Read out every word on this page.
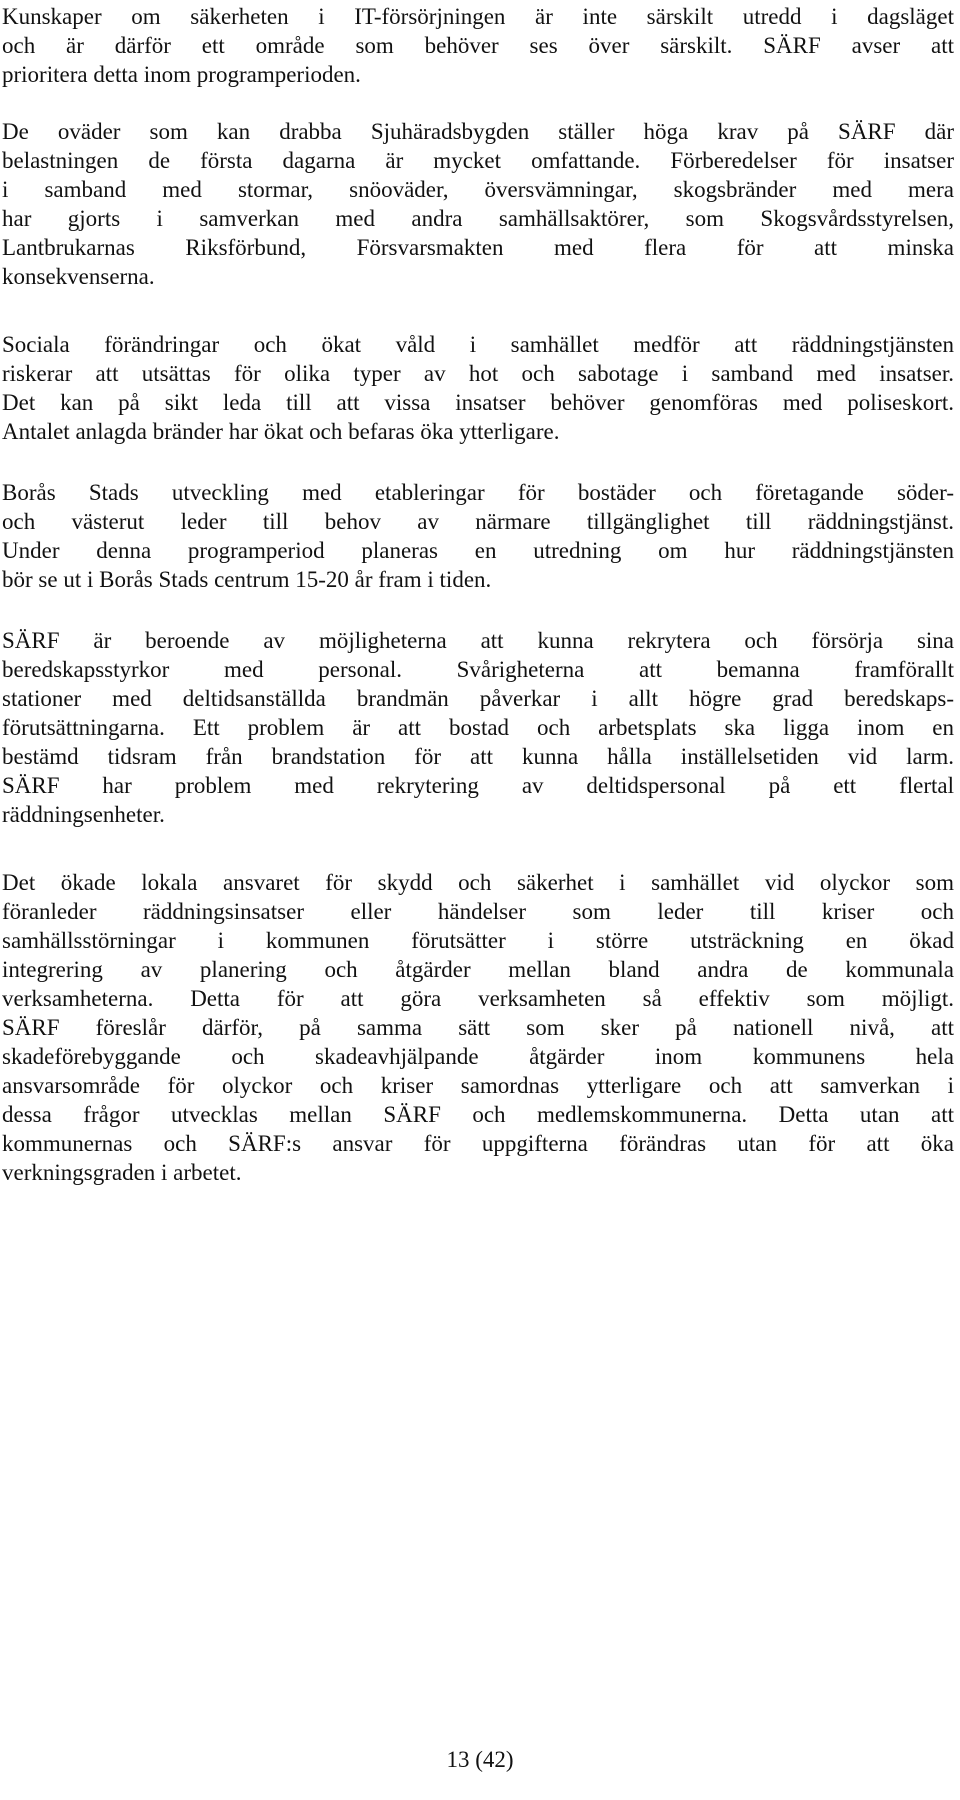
Kunskaper om säkerheten i IT-försörjningen är inte särskilt utredd i dagsläget
och är därför ett område som behöver ses över särskilt. SÄRF avser att
prioritera detta inom programperioden.

De oväder som kan drabba Sjuhäradsbygden ställer höga krav på SÄRF där
belastningen de första dagarna är mycket omfattande. Förberedelser för insatser
i samband med stormar, snöoväder, översvämningar, skogsbränder med mera
har gjorts i samverkan med andra samhällsaktörer, som Skogsvårdsstyrelsen,
Lantbrukarnas Riksförbund, Försvarsmakten med flera för att minska
konsekvenserna.

Sociala förändringar och ökat våld i samhället medför att räddningstjänsten
riskerar att utsättas för olika typer av hot och sabotage i samband med insatser.
Det kan på sikt leda till att vissa insatser behöver genomföras med poliseskort.
Antalet anlagda bränder har ökat och befaras öka ytterligare.

Borås Stads utveckling med etableringar för bostäder och företagande söder-
och västerut leder till behov av närmare tillgänglighet till räddningstjänst.
Under denna programperiod planeras en utredning om hur räddningstjänsten
bör se ut i Borås Stads centrum 15-20 år fram i tiden.

SÄRF är beroende av möjligheterna att kunna rekrytera och försörja sina
beredskapsstyrkor med personal. Svårigheterna att bemanna framförallt
stationer med deltidsanställda brandmän påverkar i allt högre grad beredskaps-
förutsättningarna. Ett problem är att bostad och arbetsplats ska ligga inom en
bestämd tidsram från brandstation för att kunna hålla inställelsetiden vid larm.
SÄRF har problem med rekrytering av deltidspersonal på ett flertal
räddningsenheter.

Det ökade lokala ansvaret för skydd och säkerhet i samhället vid olyckor som
föranleder räddningsinsatser eller händelser som leder till kriser och
samhällsstörningar i kommunen förutsätter i större utsträckning en ökad
integrering av planering och åtgärder mellan bland andra de kommunala
verksamheterna. Detta för att göra verksamheten så effektiv som möjligt.
SÄRF föreslår därför, på samma sätt som sker på nationell nivå, att
skadeförebyggande och skadeavhjälpande åtgärder inom kommunens hela
ansvarsområde för olyckor och kriser samordnas ytterligare och att samverkan i
dessa frågor utvecklas mellan SÄRF och medlemskommunerna. Detta utan att
kommunernas och SÄRF:s ansvar för uppgifterna förändras utan för att öka
verkningsgraden i arbetet.

13 (42)
